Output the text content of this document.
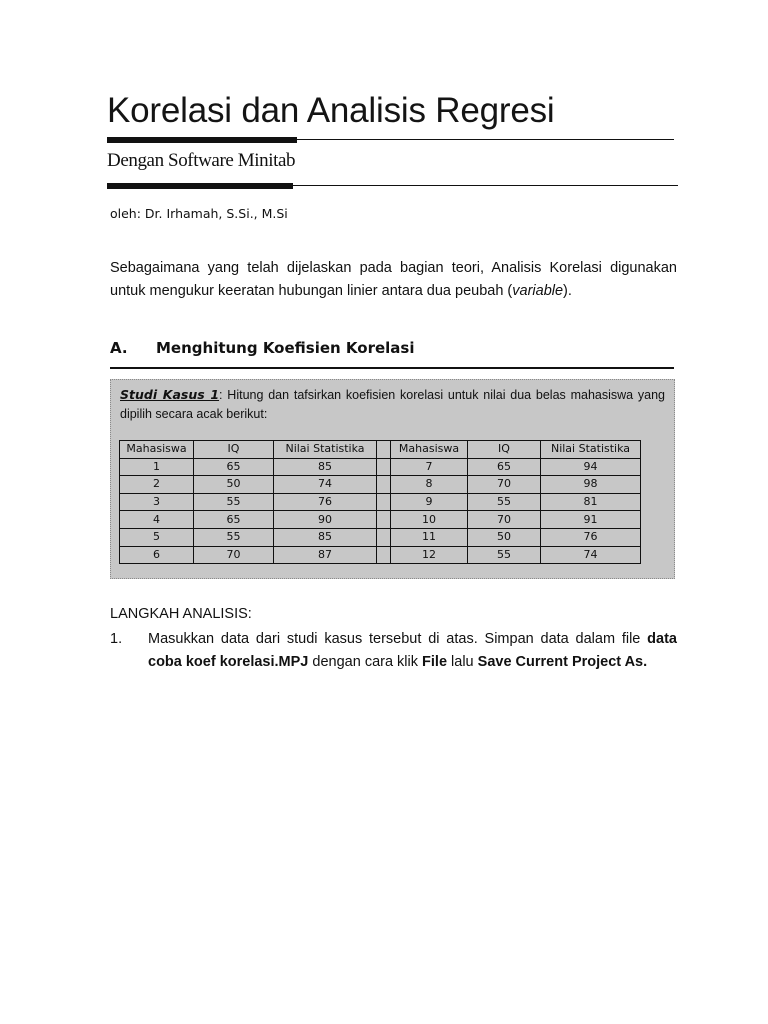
Korelasi dan Analisis Regresi
Dengan Software Minitab
oleh: Dr. Irhamah, S.Si., M.Si
Sebagaimana yang telah dijelaskan pada bagian teori, Analisis Korelasi digunakan untuk mengukur keeratan hubungan linier antara dua peubah (variable).
A. Menghitung Koefisien Korelasi
Studi Kasus 1: Hitung dan tafsirkan koefisien korelasi untuk nilai dua belas mahasiswa yang dipilih secara acak berikut:
Mahasiswa	IQ	Nilai Statistika		Mahasiswa	IQ	Nilai Statistika
1	65	85		7	65	94
2	50	74		8	70	98
3	55	76		9	55	81
4	65	90		10	70	91
5	55	85		11	50	76
6	70	87		12	55	74
LANGKAH ANALISIS:
1. Masukkan data dari studi kasus tersebut di atas. Simpan data dalam file data coba koef korelasi.MPJ dengan cara klik File lalu Save Current Project As.
